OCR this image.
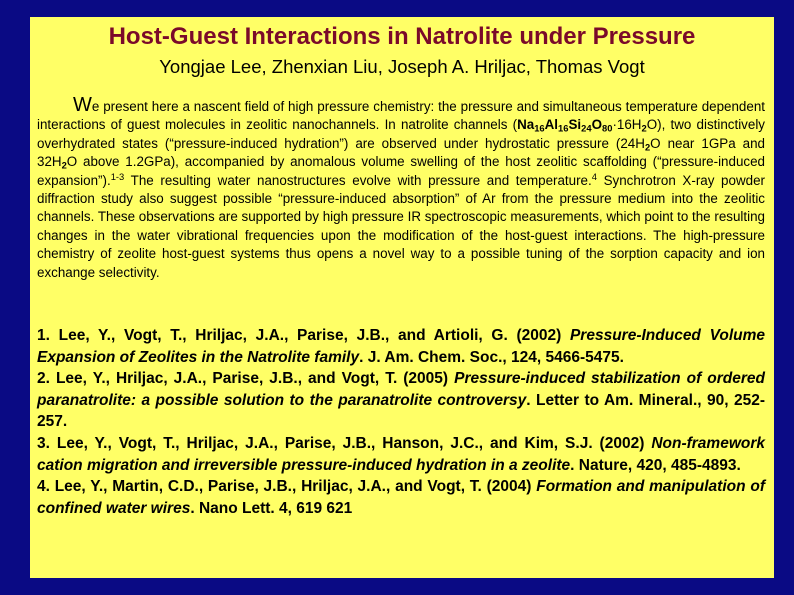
Host-Guest Interactions in Natrolite under Pressure
Yongjae Lee, Zhenxian Liu, Joseph A. Hriljac, Thomas Vogt

We present here a nascent field of high pressure chemistry: the pressure and simultaneous temperature dependent interactions of guest molecules in zeolitic nanochannels. In natrolite channels $(Na_{16}Al_{16}Si_{24}O_{80}\cdot 16H_2O)$, two distinctively overhydrated states (“pressure-induced hydration”) are observed under hydrostatic pressure ($24H_2O$ near 1GPa and $32H_2O$ above 1.2GPa), accompanied by anomalous volume swelling of the host zeolitic scaffolding (“pressure-induced expansion”).$^{1-3}$ The resulting water nanostructures evolve with pressure and temperature.$^4$ Synchrotron X-ray powder diffraction study also suggest possible “pressure-induced absorption” of Ar from the pressure medium into the zeolitic channels. These observations are supported by high pressure IR spectroscopic measurements, which point to the resulting changes in the water vibrational frequencies upon the modification of the host-guest interactions. The high-pressure chemistry of zeolite host-guest systems thus opens a novel way to a possible tuning of the sorption capacity and ion exchange selectivity.

1. Lee, Y., Vogt, T., Hriljac, J.A., Parise, J.B., and Artioli, G. (2002) Pressure-Induced Volume Expansion of Zeolites in the Natrolite family. J. Am. Chem. Soc., 124, 5466-5475.

2. Lee, Y., Hriljac, J.A., Parise, J.B., and Vogt, T. (2005) Pressure-induced stabilization of ordered paranatrolite: a possible solution to the paranatrolite controversy. Letter to Am. Mineral., 90, 252-257.

3. Lee, Y., Vogt, T., Hriljac, J.A., Parise, J.B., Hanson, J.C., and Kim, S.J. (2002) Non-framework cation migration and irreversible pressure-induced hydration in a zeolite. Nature, 420, 485-4893.

4. Lee, Y., Martin, C.D., Parise, J.B., Hriljac, J.A., and Vogt, T. (2004) Formation and manipulation of confined water wires. Nano Lett. 4, 619 621
